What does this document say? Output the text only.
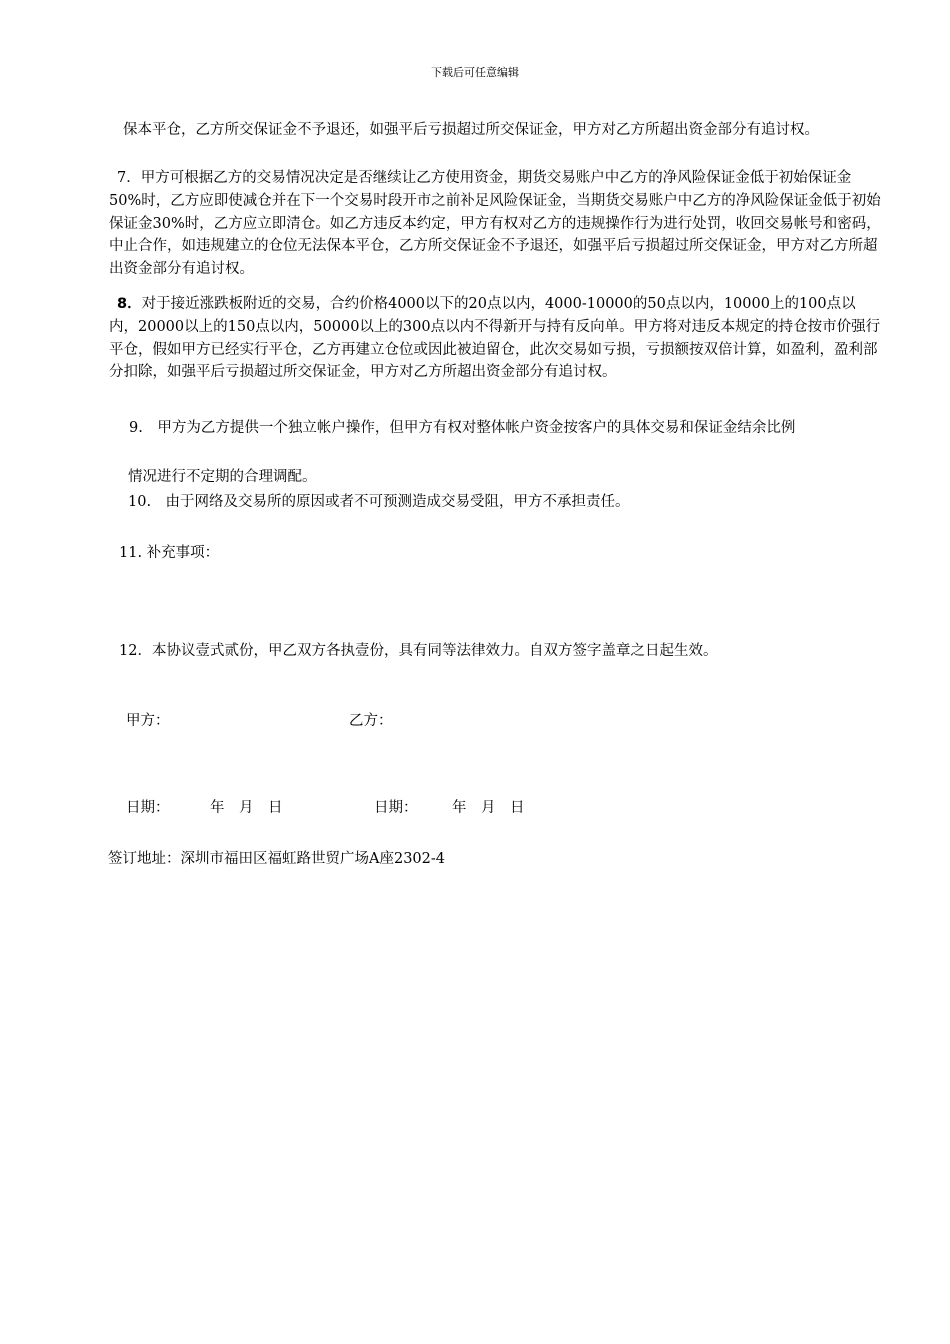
下载后可任意编辑

保本平仓，乙方所交保证金不予退还，如强平后亏损超过所交保证金，甲方对乙方所超出资金部分有追讨权。

7．甲方可根据乙方的交易情况决定是否继续让乙方使用资金，期货交易账户中乙方的净风险保证金低于初始保证金50%时，乙方应即使减仓并在下一个交易时段开市之前补足风险保证金，当期货交易账户中乙方的净风险保证金低于初始保证金30%时，乙方应立即清仓。如乙方违反本约定，甲方有权对乙方的违规操作行为进行处罚，收回交易帐号和密码，中止合作，如违规建立的仓位无法保本平仓，乙方所交保证金不予退还，如强平后亏损超过所交保证金，甲方对乙方所超出资金部分有追讨权。

8．对于接近涨跌板附近的交易，合约价格4000以下的20点以内，4000-10000的50点以内，10000上的100点以内，20000以上的150点以内，50000以上的300点以内不得新开与持有反向单。甲方将对违反本规定的持仓按市价强行平仓，假如甲方已经实行平仓，乙方再建立仓位或因此被迫留仓，此次交易如亏损，亏损额按双倍计算，如盈利，盈利部分扣除，如强平后亏损超过所交保证金，甲方对乙方所超出资金部分有追讨权。

9.　甲方为乙方提供一个独立帐户操作，但甲方有权对整体帐户资金按客户的具体交易和保证金结余比例

情况进行不定期的合理调配。

10.　由于网络及交易所的原因或者不可预测造成交易受阻，甲方不承担责任。

11. 补充事项：

12．本协议壹式贰份，甲乙双方各执壹份，具有同等法律效力。自双方签字盖章之日起生效。

甲方：	乙方：

日期：	年　月　日	日期： 年　月　日

签订地址：深圳市福田区福虹路世贸广场A座2302-4
